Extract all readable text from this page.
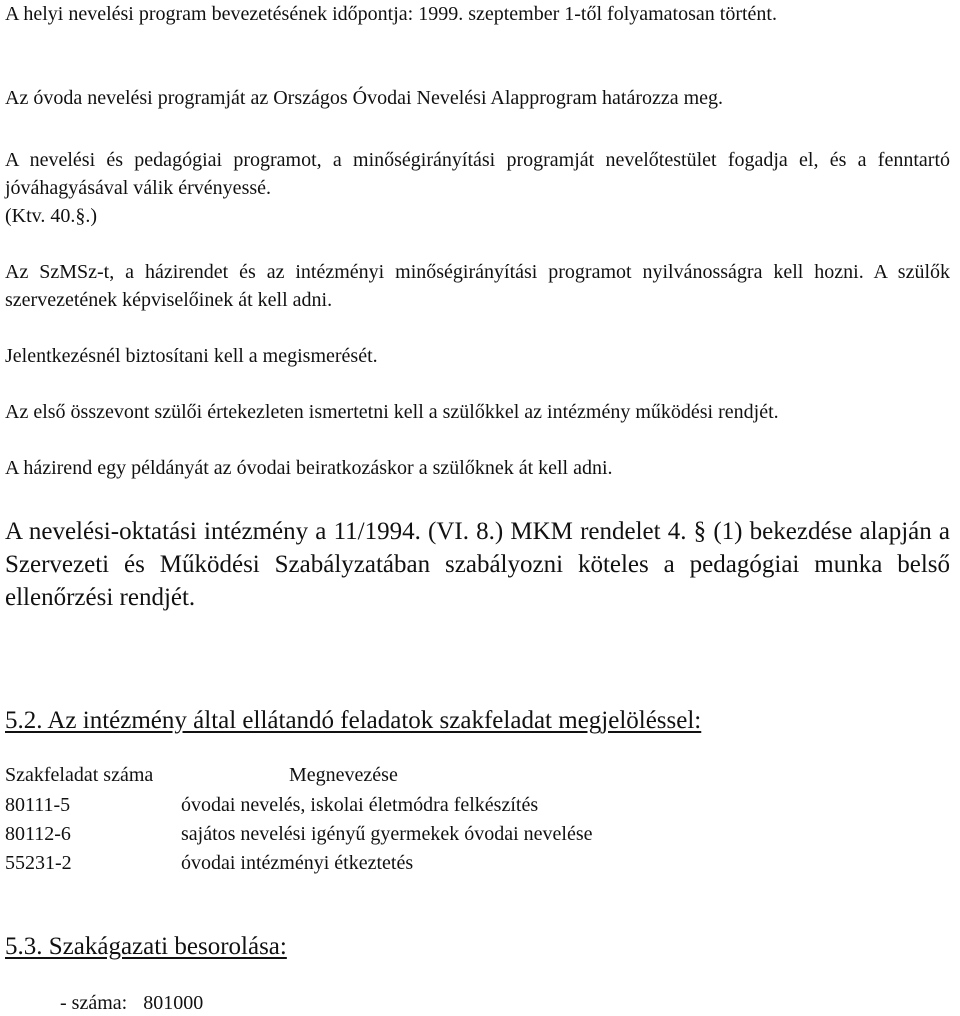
A helyi nevelési program bevezetésének időpontja: 1999. szeptember 1-től folyamatosan történt.
Az óvoda nevelési programját az Országos Óvodai Nevelési Alapprogram határozza meg.
A nevelési és pedagógiai programot, a minőségirányítási programját nevelőtestület fogadja el, és a fenntartó jóváhagyásával válik érvényessé.
(Ktv. 40.§.)
Az SzMSz-t, a házirendet és az intézményi minőségirányítási programot nyilvánosságra kell hozni. A szülők szervezetének képviselőinek át kell adni.
Jelentkezésnél biztosítani kell a megismerését.
Az első összevont szülői értekezleten ismertetni kell a szülőkkel az intézmény működési rendjét.
A házirend egy példányát az óvodai beiratkozáskor a szülőknek át kell adni.
A nevelési-oktatási intézmény a 11/1994. (VI. 8.) MKM rendelet 4. § (1) bekezdése alapján a Szervezeti és Működési Szabályzatában szabályozni köteles a pedagógiai munka belső ellenőrzési rendjét.
5.2. Az intézmény által ellátandó feladatok szakfeladat megjelöléssel:
Szakfeladat száma	Megnevezése
80111-5	óvodai nevelés, iskolai életmódra felkészítés
80112-6	sajátos nevelési igényű gyermekek óvodai nevelése
55231-2	óvodai intézményi étkeztetés
5.3. Szakágazati besorolása:
- száma: 801000
